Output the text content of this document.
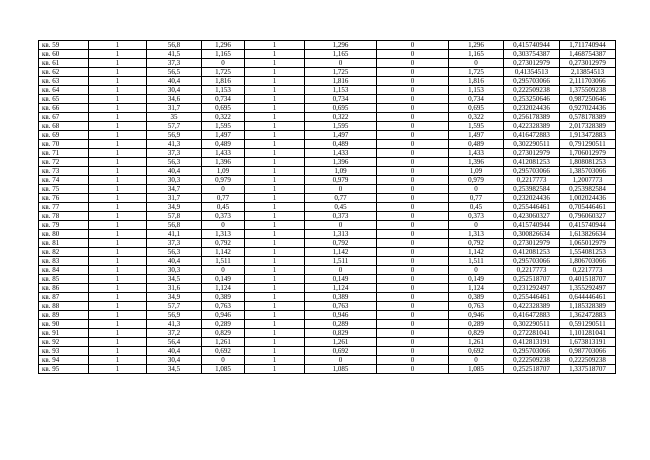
кв. 59	1	56,8	1,296	1	1,296	0	1,296	0,415740944	1,711740944
кв. 60	1	41,5	1,165	1	1,165	0	1,165	0,303754387	1,468754387
кв. 61	1	37,3	0	1	0	0	0	0,273012979	0,273012979
кв. 62	1	56,5	1,725	1	1,725	0	1,725	0,41354513	2,13854513
кв. 63	1	40,4	1,816	1	1,816	0	1,816	0,295703066	2,111703066
кв. 64	1	30,4	1,153	1	1,153	0	1,153	0,222509238	1,375509238
кв. 65	1	34,6	0,734	1	0,734	0	0,734	0,253250646	0,987250646
кв. 66	1	31,7	0,695	1	0,695	0	0,695	0,232024436	0,927024436
кв. 67	1	35	0,322	1	0,322	0	0,322	0,256178389	0,578178389
кв. 68	1	57,7	1,595	1	1,595	0	1,595	0,422328389	2,017328389
кв. 69	1	56,9	1,497	1	1,497	0	1,497	0,416472883	1,913472883
кв. 70	1	41,3	0,489	1	0,489	0	0,489	0,302290511	0,791290511
кв. 71	1	37,3	1,433	1	1,433	0	1,433	0,273012979	1,706012979
кв. 72	1	56,3	1,396	1	1,396	0	1,396	0,412081253	1,808081253
кв. 73	1	40,4	1,09	1	1,09	0	1,09	0,295703066	1,385703066
кв. 74	1	30,3	0,979	1	0,979	0	0,979	0,2217773	1,2007773
кв. 75	1	34,7	0	1	0	0	0	0,253982584	0,253982584
кв. 76	1	31,7	0,77	1	0,77	0	0,77	0,232024436	1,002024436
кв. 77	1	34,9	0,45	1	0,45	0	0,45	0,255446461	0,705446461
кв. 78	1	57,8	0,373	1	0,373	0	0,373	0,423060327	0,796060327
кв. 79	1	56,8	0	1	0	0	0	0,415740944	0,415740944
кв. 80	1	41,1	1,313	1	1,313	0	1,313	0,300826634	1,613826634
кв. 81	1	37,3	0,792	1	0,792	0	0,792	0,273012979	1,065012979
кв. 82	1	56,3	1,142	1	1,142	0	1,142	0,412081253	1,554081253
кв. 83	1	40,4	1,511	1	1,511	0	1,511	0,295703066	1,806703066
кв. 84	1	30,3	0	1	0	0	0	0,2217773	0,2217773
кв. 85	1	34,5	0,149	1	0,149	0	0,149	0,252518707	0,401518707
кв. 86	1	31,6	1,124	1	1,124	0	1,124	0,231292497	1,355292497
кв. 87	1	34,9	0,389	1	0,389	0	0,389	0,255446461	0,644446461
кв. 88	1	57,7	0,763	1	0,763	0	0,763	0,422328389	1,185328389
кв. 89	1	56,9	0,946	1	0,946	0	0,946	0,416472883	1,362472883
кв. 90	1	41,3	0,289	1	0,289	0	0,289	0,302290511	0,591290511
кв. 91	1	37,2	0,829	1	0,829	0	0,829	0,272281041	1,101281041
кв. 92	1	56,4	1,261	1	1,261	0	1,261	0,412813191	1,673813191
кв. 93	1	40,4	0,692	1	0,692	0	0,692	0,295703066	0,987703066
кв. 94	1	30,4	0	1	0	0	0	0,222509238	0,222509238
кв. 95	1	34,5	1,085	1	1,085	0	1,085	0,252518707	1,337518707
